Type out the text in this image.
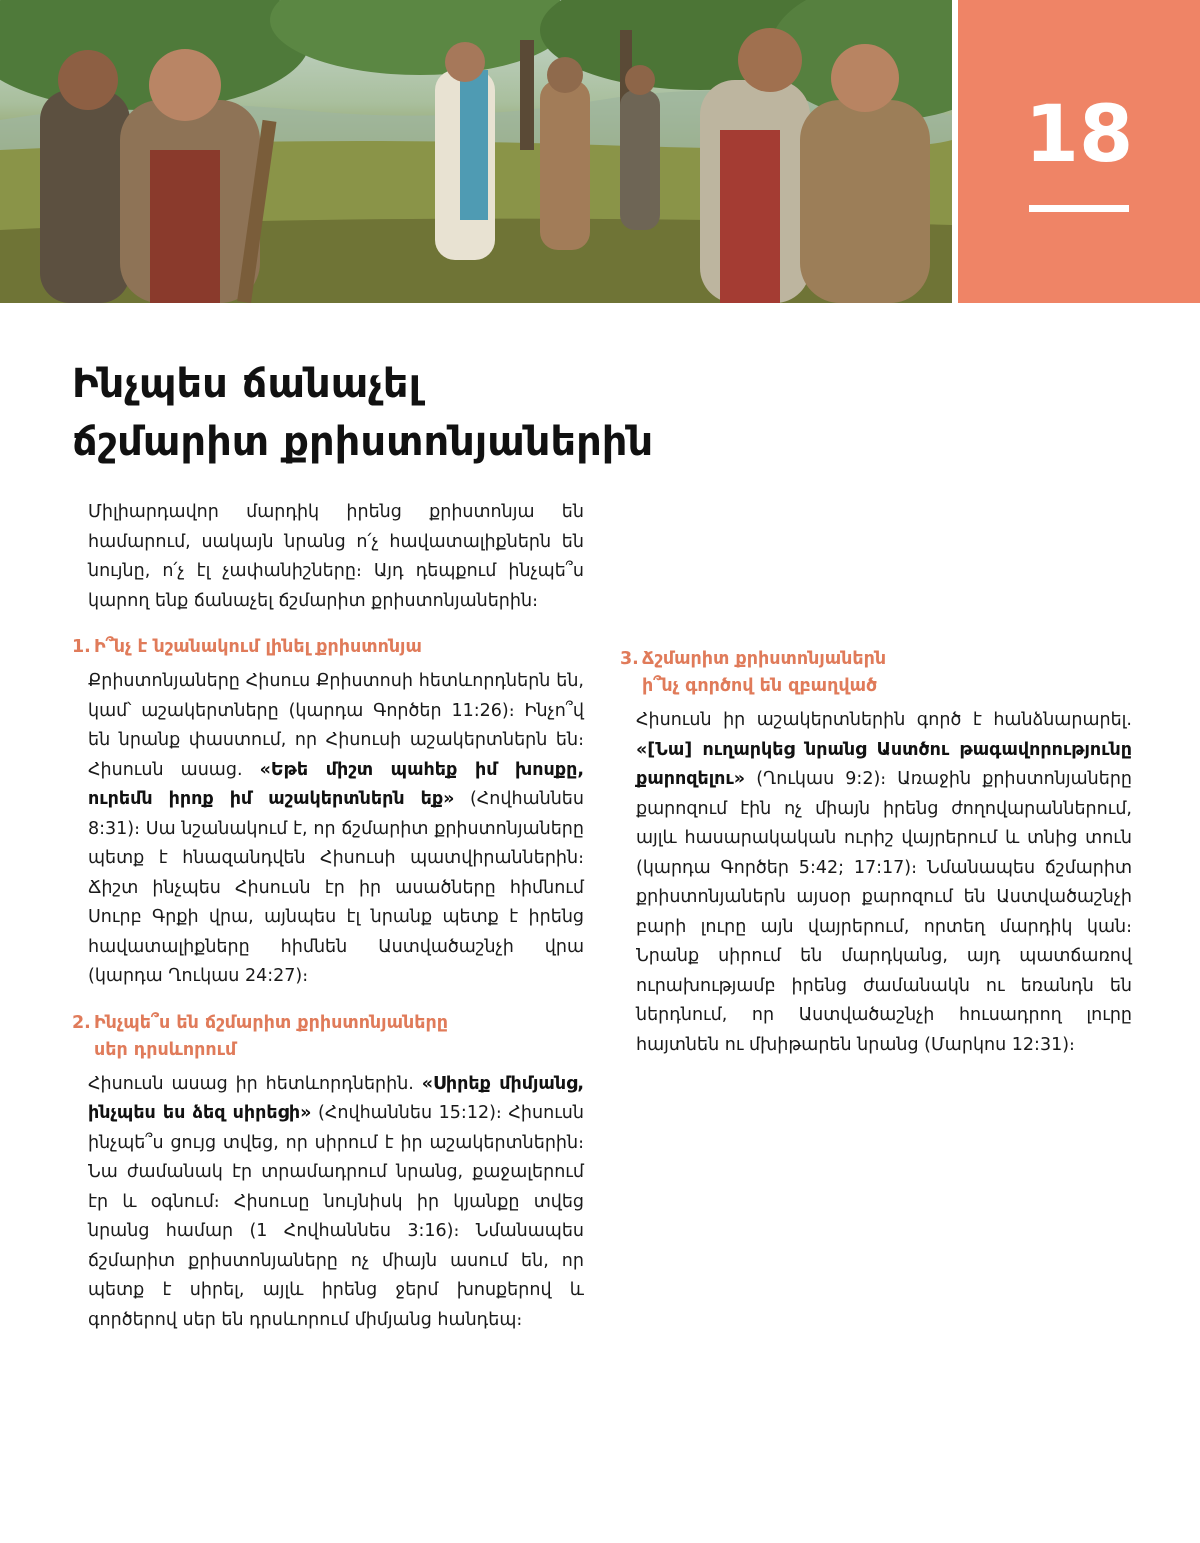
18
Ինչպես ճանաչել
ճշմարիտ քրիստոնյաներին

Միլիարդավոր մարդիկ իրենց քրիստոնյա են համարում, սակայն նրանց ո՛չ հավատալիքներն են նույնը, ո՛չ էլ չափանիշները։ Այդ դեպքում ինչպե՞ս կարող ենք ճանաչել ճշմարիտ քրիստոնյաներին։

1. Ի՞նչ է նշանակում լինել քրիստոնյա

Քրիստոնյաները Հիսուս Քրիստոսի հետևորդներն են, կամ՝ աշակերտները (կարդա Գործեր 11:26)։ Ինչո՞վ են նրանք փաստում, որ Հիսուսի աշակերտներն են։ Հիսուսն ասաց. «Եթե միշտ պահեք իմ խոսքը, ուրեմն իրոք իմ աշակերտներն եք» (Հովհաննես 8:31)։ Սա նշանակում է, որ ճշմարիտ քրիստոնյաները պետք է հնազանդվեն Հիսուսի պատվիրաններին։ Ճիշտ ինչպես Հիսուսն էր իր ասածները հիմնում Սուրբ Գրքի վրա, այնպես էլ նրանք պետք է իրենց հավատալիքները հիմնեն Աստվածաշնչի վրա (կարդա Ղուկաս 24:27)։

2. Ինչպե՞ս են ճշմարիտ քրիստոնյաները
սեր դրսևորում

Հիսուսն ասաց իր հետևորդներին. «Սիրեք միմյանց, ինչպես ես ձեզ սիրեցի» (Հովհաննես 15:12)։ Հիսուսն ինչպե՞ս ցույց տվեց, որ սիրում է իր աշակերտներին։ Նա ժամանակ էր տրամադրում նրանց, քաջալերում էր և օգնում։ Հիսուսը նույնիսկ իր կյանքը տվեց նրանց համար (1 Հովհաննես 3:16)։ Նմանապես ճշմարիտ քրիստոնյաները ոչ միայն ասում են, որ պետք է սիրել, այլև իրենց ջերմ խոսքերով և գործերով սեր են դրսևորում միմյանց հանդեպ։

3. Ճշմարիտ քրիստոնյաներն
ի՞նչ գործով են զբաղված

Հիսուսն իր աշակերտներին գործ է հանձնարարել. «[Նա] ուղարկեց նրանց Աստծու թագավորությունը քարոզելու» (Ղուկաս 9:2)։ Առաջին քրիստոնյաները քարոզում էին ոչ միայն իրենց ժողովարաններում, այլև հասարակական ուրիշ վայրերում և տնից տուն (կարդա Գործեր 5:42; 17:17)։ Նմանապես ճշմարիտ քրիստոնյաներն այսօր քարոզում են Աստվածաշնչի բարի լուրը այն վայրերում, որտեղ մարդիկ կան։ Նրանք սիրում են մարդկանց, այդ պատճառով ուրախությամբ իրենց ժամանակն ու եռանդն են ներդնում, որ Աստվածաշնչի հուսադրող լուրը հայտնեն ու մխիթարեն նրանց (Մարկոս 12:31)։
